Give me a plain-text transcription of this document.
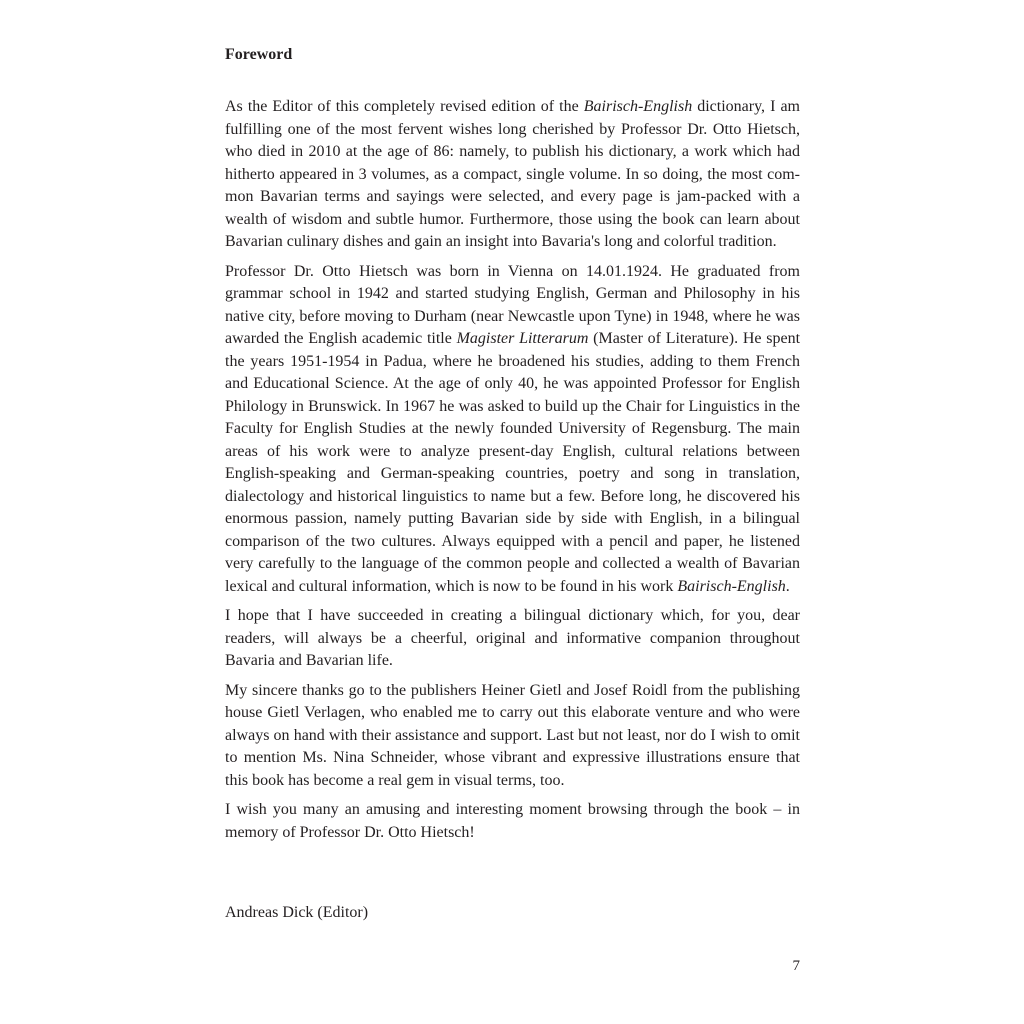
Foreword

As the Editor of this completely revised edition of the Bairisch-English dictionary, I am fulfilling one of the most fervent wishes long cherished by Professor Dr. Otto Hietsch, who died in 2010 at the age of 86: namely, to publish his dictionary, a work which had hitherto appeared in 3 volumes, as a compact, single volume. In so doing, the most common Bavarian terms and sayings were selected, and every page is jam-packed with a wealth of wisdom and subtle humor. Furthermore, those using the book can learn about Bavarian culinary dishes and gain an insight into Bavaria's long and colorful tradition.

Professor Dr. Otto Hietsch was born in Vienna on 14.01.1924. He graduated from grammar school in 1942 and started studying English, German and Philosophy in his native city, before moving to Durham (near Newcastle upon Tyne) in 1948, where he was awarded the English academic title Magister Litterarum (Master of Literature). He spent the years 1951-1954 in Padua, where he broadened his studies, adding to them French and Educational Science. At the age of only 40, he was appointed Professor for English Philology in Brunswick. In 1967 he was asked to build up the Chair for Linguistics in the Faculty for English Studies at the newly founded University of Regensburg. The main areas of his work were to analyze present-day English, cultural relations between English-speaking and German-speaking countries, poetry and song in translation, dialectology and historical linguistics to name but a few. Before long, he discovered his enormous passion, namely putting Bavarian side by side with English, in a bilingual comparison of the two cultures. Always equipped with a pencil and paper, he listened very carefully to the language of the common people and collected a wealth of Bavarian lexical and cultural information, which is now to be found in his work Bairisch-English.

I hope that I have succeeded in creating a bilingual dictionary which, for you, dear readers, will always be a cheerful, original and informative companion throughout Bavaria and Bavarian life.

My sincere thanks go to the publishers Heiner Gietl and Josef Roidl from the publishing house Gietl Verlagen, who enabled me to carry out this elaborate venture and who were always on hand with their assistance and support. Last but not least, nor do I wish to omit to mention Ms. Nina Schneider, whose vibrant and expressive illustrations ensure that this book has become a real gem in visual terms, too.

I wish you many an amusing and interesting moment browsing through the book – in memory of Professor Dr. Otto Hietsch!

Andreas Dick (Editor)

7
